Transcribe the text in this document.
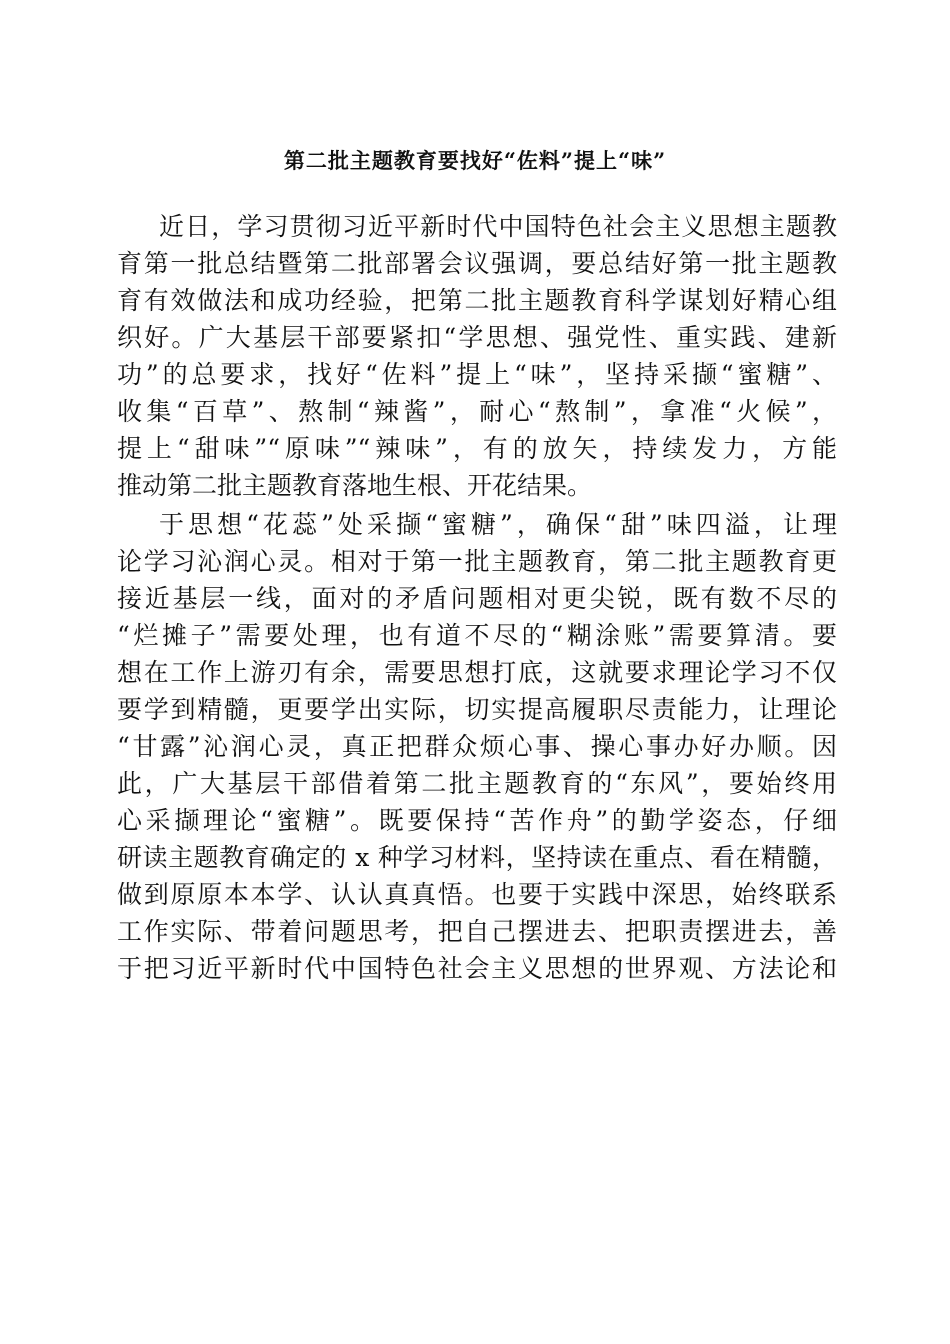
第二批主题教育要找好“佐料”提上“味”
近日，学习贯彻习近平新时代中国特色社会主义思想主题教
育第一批总结暨第二批部署会议强调，要总结好第一批主题教
育有效做法和成功经验，把第二批主题教育科学谋划好精心组
织好。广大基层干部要紧扣“学思想、强党性、重实践、建新
功”的总要求，找好“佐料”提上“味”，坚持采撷“蜜糖”、
收集“百草”、熬制“辣酱”，耐心“熬制”，拿准“火候”，
提上“甜味”“原味”“辣味”，有的放矢，持续发力，方能
推动第二批主题教育落地生根、开花结果。
于思想“花蕊”处采撷“蜜糖”，确保“甜”味四溢，让理
论学习沁润心灵。相对于第一批主题教育，第二批主题教育更
接近基层一线，面对的矛盾问题相对更尖锐，既有数不尽的
“烂摊子”需要处理，也有道不尽的“糊涂账”需要算清。要
想在工作上游刃有余，需要思想打底，这就要求理论学习不仅
要学到精髓，更要学出实际，切实提高履职尽责能力，让理论
“甘露”沁润心灵，真正把群众烦心事、操心事办好办顺。因
此，广大基层干部借着第二批主题教育的“东风”，要始终用
心采撷理论“蜜糖”。既要保持“苦作舟”的勤学姿态，仔细
研读主题教育确定的 x 种学习材料，坚持读在重点、看在精髓，
做到原原本本学、认认真真悟。也要于实践中深思，始终联系
工作实际、带着问题思考，把自己摆进去、把职责摆进去，善
于把习近平新时代中国特色社会主义思想的世界观、方法论和
